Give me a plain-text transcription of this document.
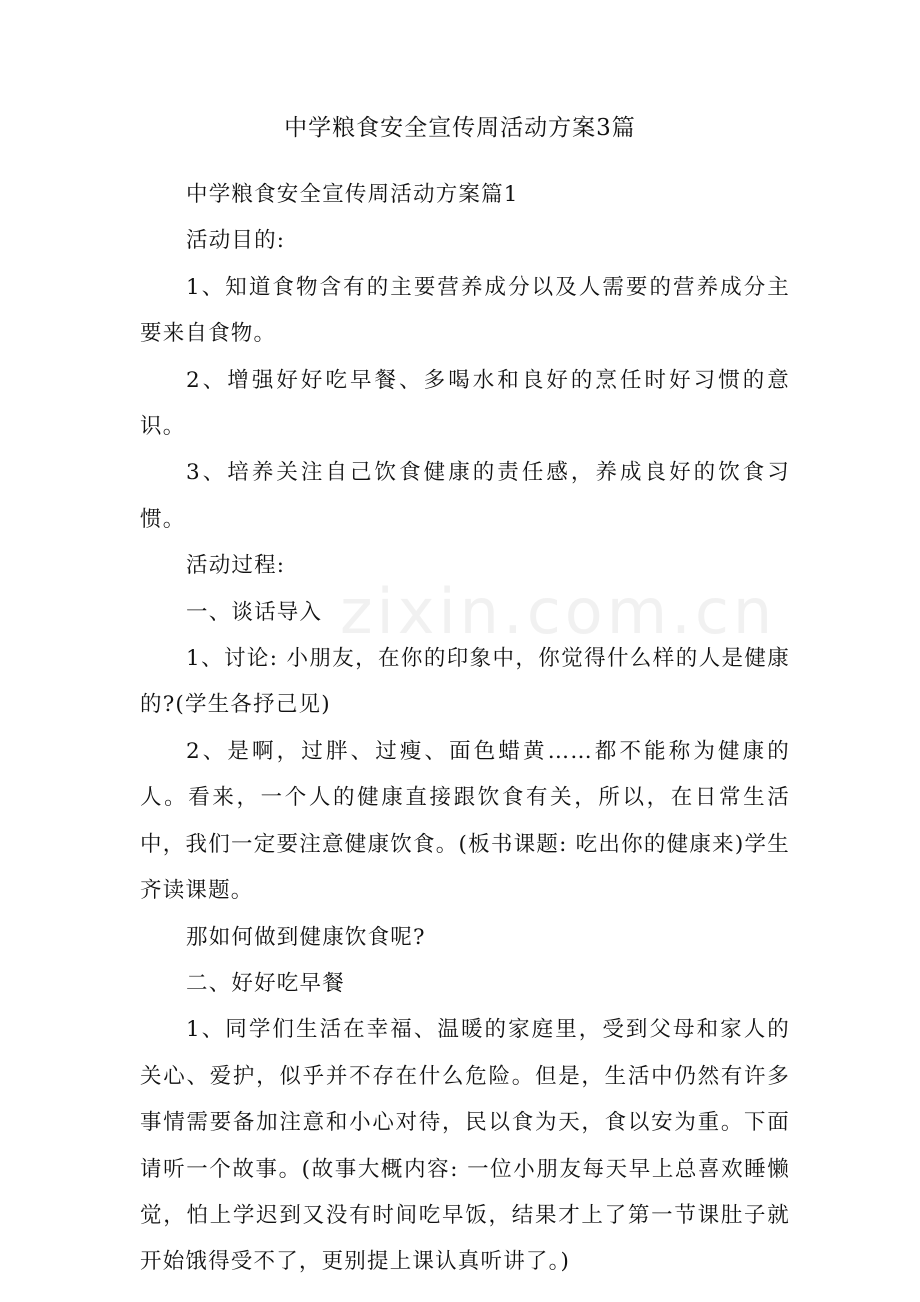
zixin.com.cn
中学粮食安全宣传周活动方案3篇

中学粮食安全宣传周活动方案篇1

活动目的:

1、知道食物含有的主要营养成分以及人需要的营养成分主要来自食物。

2、增强好好吃早餐、多喝水和良好的烹任时好习惯的意识。

3、培养关注自己饮食健康的责任感，养成良好的饮食习惯。

活动过程:

一、谈话导入

1、讨论: 小朋友，在你的印象中，你觉得什么样的人是健康的?(学生各抒己见)

2、是啊，过胖、过瘦、面色蜡黄……都不能称为健康的人。看来，一个人的健康直接跟饮食有关，所以，在日常生活中，我们一定要注意健康饮食。(板书课题: 吃出你的健康来)学生齐读课题。

那如何做到健康饮食呢?

二、好好吃早餐

1、同学们生活在幸福、温暖的家庭里，受到父母和家人的关心、爱护，似乎并不存在什么危险。但是，生活中仍然有许多事情需要备加注意和小心对待，民以食为天，食以安为重。下面请听一个故事。(故事大概内容: 一位小朋友每天早上总喜欢睡懒觉，怕上学迟到又没有时间吃早饭，结果才上了第一节课肚子就开始饿得受不了，更别提上课认真听讲了。)
